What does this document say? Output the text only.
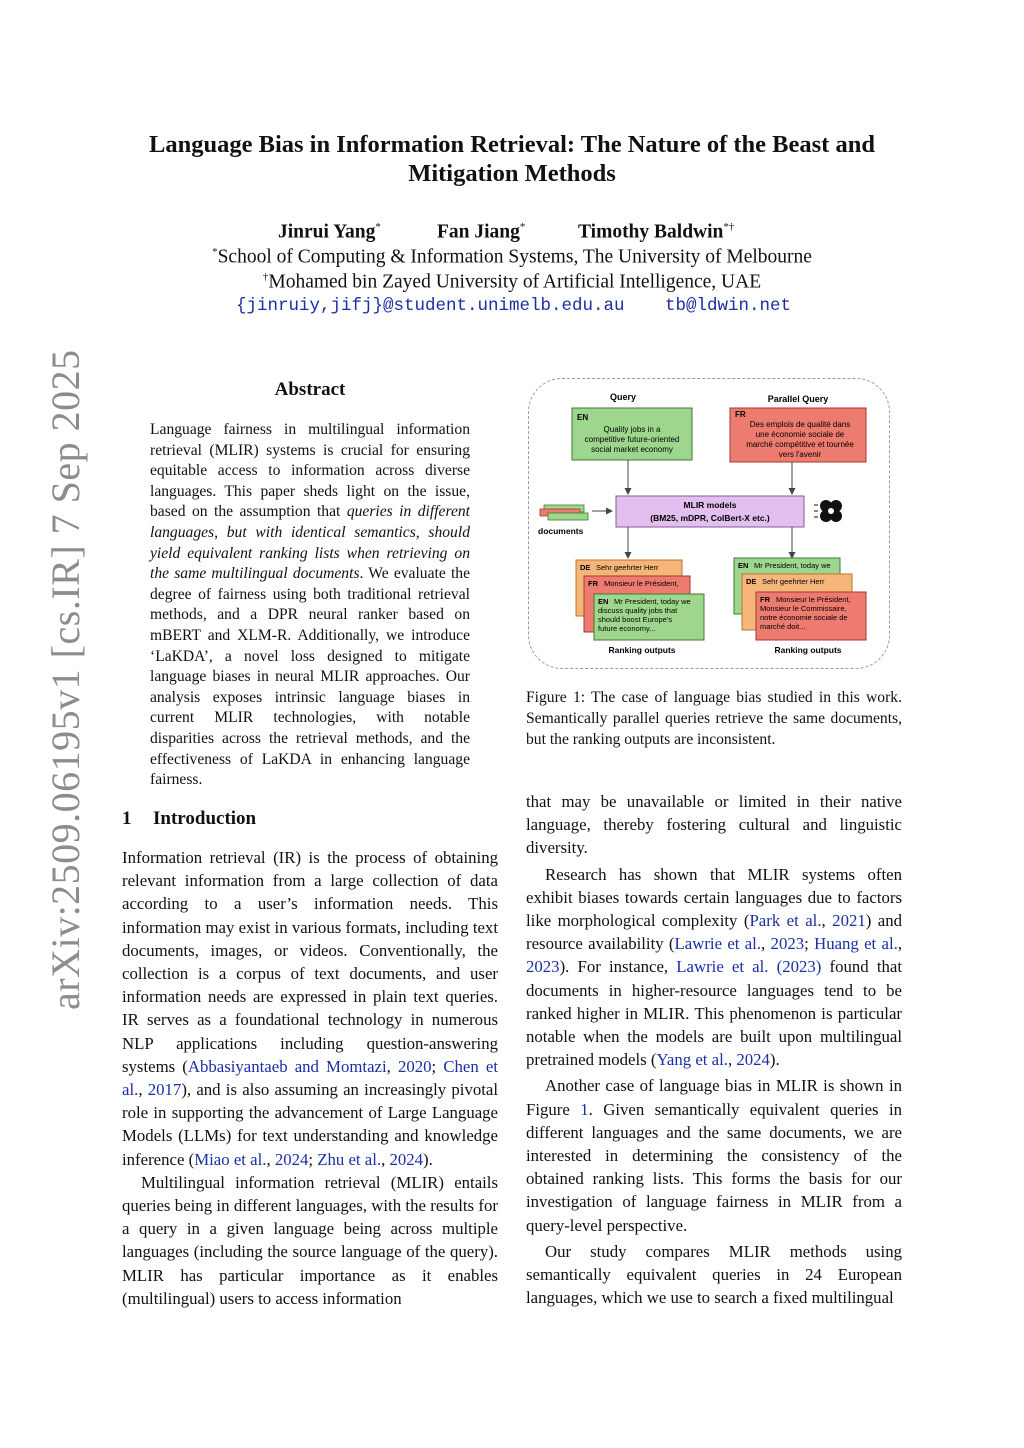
arXiv:2509.06195v1 [cs.IR] 7 Sep 2025
Language Bias in Information Retrieval: The Nature of the Beast and
Mitigation Methods
Jinrui Yang*	Fan Jiang*	Timothy Baldwin*†
*School of Computing & Information Systems, The University of Melbourne
†Mohamed bin Zayed University of Artificial Intelligence, UAE
{jinruiy,jifj}@student.unimelb.edu.au tb@ldwin.net
Abstract
Language fairness in multilingual information retrieval (MLIR) systems is crucial for ensuring equitable access to information across diverse languages. This paper sheds light on the issue, based on the assumption that queries in different languages, but with identical semantics, should yield equivalent ranking lists when retrieving on the same multilingual documents. We evaluate the degree of fairness using both traditional retrieval methods, and a DPR neural ranker based on mBERT and XLM-R. Additionally, we introduce ‘LaKDA’, a novel loss designed to mitigate language biases in neural MLIR approaches. Our analysis exposes intrinsic language biases in current MLIR technologies, with notable disparities across the retrieval methods, and the effectiveness of LaKDA in enhancing language fairness.
1 Introduction

Information retrieval (IR) is the process of obtaining relevant information from a large collection of data according to a user’s information needs. This information may exist in various formats, including text documents, images, or videos. Conventionally, the collection is a corpus of text documents, and user information needs are expressed in plain text queries. IR serves as a foundational technology in numerous NLP applications including question-answering systems (Abbasiyantaeb and Momtazi, 2020; Chen et al., 2017), and is also assuming an increasingly pivotal role in supporting the advancement of Large Language Models (LLMs) for text understanding and knowledge inference (Miao et al., 2024; Zhu et al., 2024).

Multilingual information retrieval (MLIR) entails queries being in different languages, with the results for a query in a given language being across multiple languages (including the source language of the query). MLIR has particular importance as it enables (multilingual) users to access information

Query
EN
Quality jobs in a
competitive future-oriented
social market economy
Parallel Query
FR
Des emplois de qualité dans
une économie sociale de
marché compétitive et tournée
vers l'avenir
documents
MLIR models
(BM25, mDPR, ColBert-X etc.)
DE Sehr geehrter Herr
FR Monsieur le Président,
EN Mr President, today we
discuss quality jobs that
should boost Europe's
future economy...
Ranking outputs
EN Mr President, today we
DE Sehr geehrter Herr
FR Monsieur le Président,
Monsieur le Commissaire,
notre économie sociale de
marché doit...
Ranking outputs
Figure 1: The case of language bias studied in this work. Semantically parallel queries retrieve the same documents, but the ranking outputs are inconsistent.

that may be unavailable or limited in their native language, thereby fostering cultural and linguistic diversity.

Research has shown that MLIR systems often exhibit biases towards certain languages due to factors like morphological complexity (Park et al., 2021) and resource availability (Lawrie et al., 2023; Huang et al., 2023). For instance, Lawrie et al. (2023) found that documents in higher-resource languages tend to be ranked higher in MLIR. This phenomenon is particular notable when the models are built upon multilingual pretrained models (Yang et al., 2024).

Another case of language bias in MLIR is shown in Figure 1. Given semantically equivalent queries in different languages and the same documents, we are interested in determining the consistency of the obtained ranking lists. This forms the basis for our investigation of language fairness in MLIR from a query-level perspective.

Our study compares MLIR methods using semantically equivalent queries in 24 European languages, which we use to search a fixed multilingual
